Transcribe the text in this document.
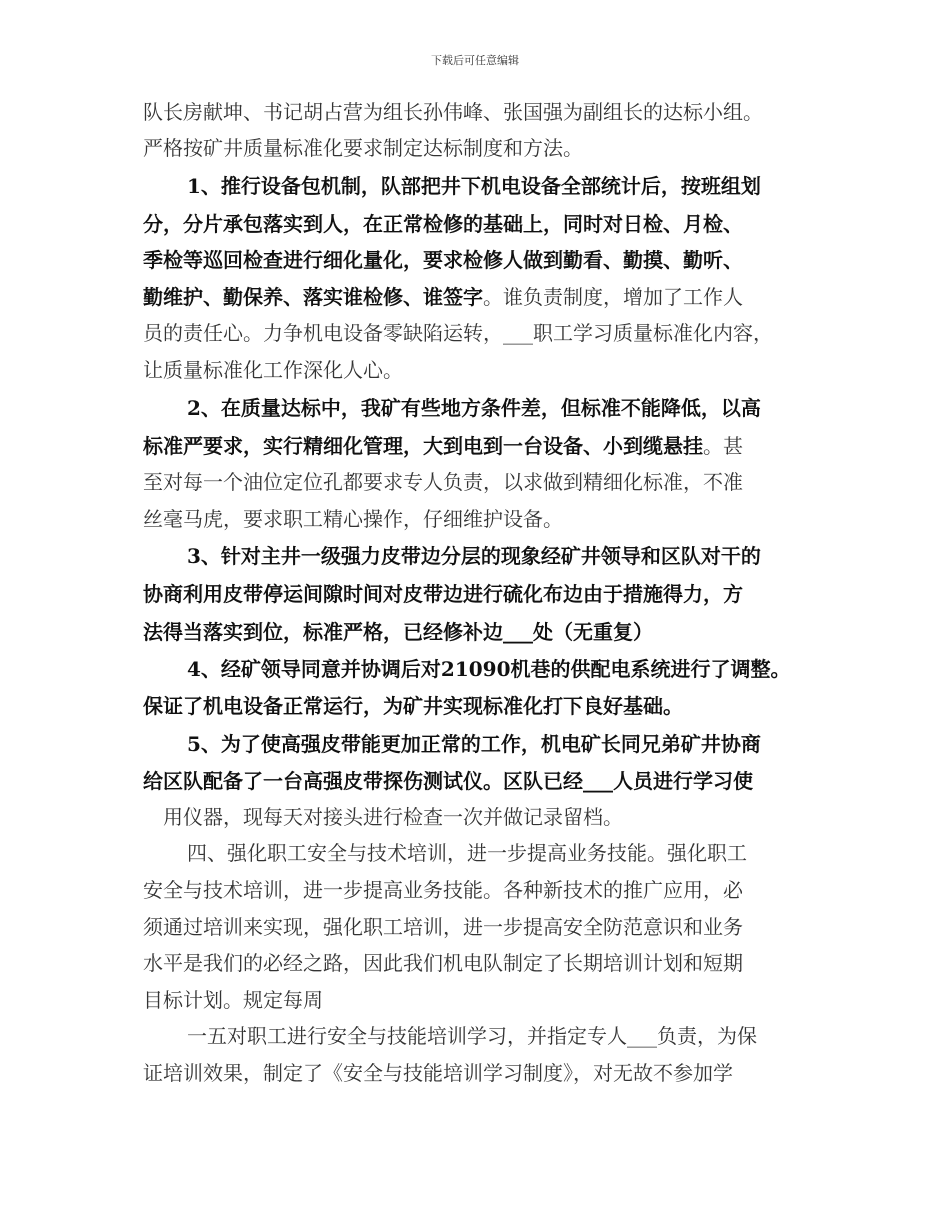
下载后可任意编辑
队长房献坤、书记胡占营为组长孙伟峰、张国强为副组长的达标小组。
严格按矿井质量标准化要求制定达标制度和方法。
1、推行设备包机制，队部把井下机电设备全部统计后，按班组划
分，分片承包落实到人，在正常检修的基础上，同时对日检、月检、
季检等巡回检查进行细化量化，要求检修人做到勤看、勤摸、勤听、
勤维护、勤保养、落实谁检修、谁签字。谁负责制度，增加了工作人
员的责任心。力争机电设备零缺陷运转，___职工学习质量标准化内容，
让质量标准化工作深化人心。
2、在质量达标中，我矿有些地方条件差，但标准不能降低，以高
标准严要求，实行精细化管理，大到电到一台设备、小到缆悬挂。甚
至对每一个油位定位孔都要求专人负责，以求做到精细化标准，不准
丝毫马虎，要求职工精心操作，仔细维护设备。
3、针对主井一级强力皮带边分层的现象经矿井领导和区队对干的
协商利用皮带停运间隙时间对皮带边进行硫化布边由于措施得力，方
法得当落实到位，标准严格，已经修补边___处（无重复）
4、经矿领导同意并协调后对21090机巷的供配电系统进行了调整。
保证了机电设备正常运行，为矿井实现标准化打下良好基础。
5、为了使高强皮带能更加正常的工作，机电矿长同兄弟矿井协商
给区队配备了一台高强皮带探伤测试仪。区队已经___人员进行学习使
用仪器，现每天对接头进行检查一次并做记录留档。
四、强化职工安全与技术培训，进一步提高业务技能。强化职工
安全与技术培训，进一步提高业务技能。各种新技术的推广应用，必
须通过培训来实现，强化职工培训，进一步提高安全防范意识和业务
水平是我们的必经之路，因此我们机电队制定了长期培训计划和短期
目标计划。规定每周
一五对职工进行安全与技能培训学习，并指定专人___负责，为保
证培训效果，制定了《安全与技能培训学习制度》，对无故不参加学
